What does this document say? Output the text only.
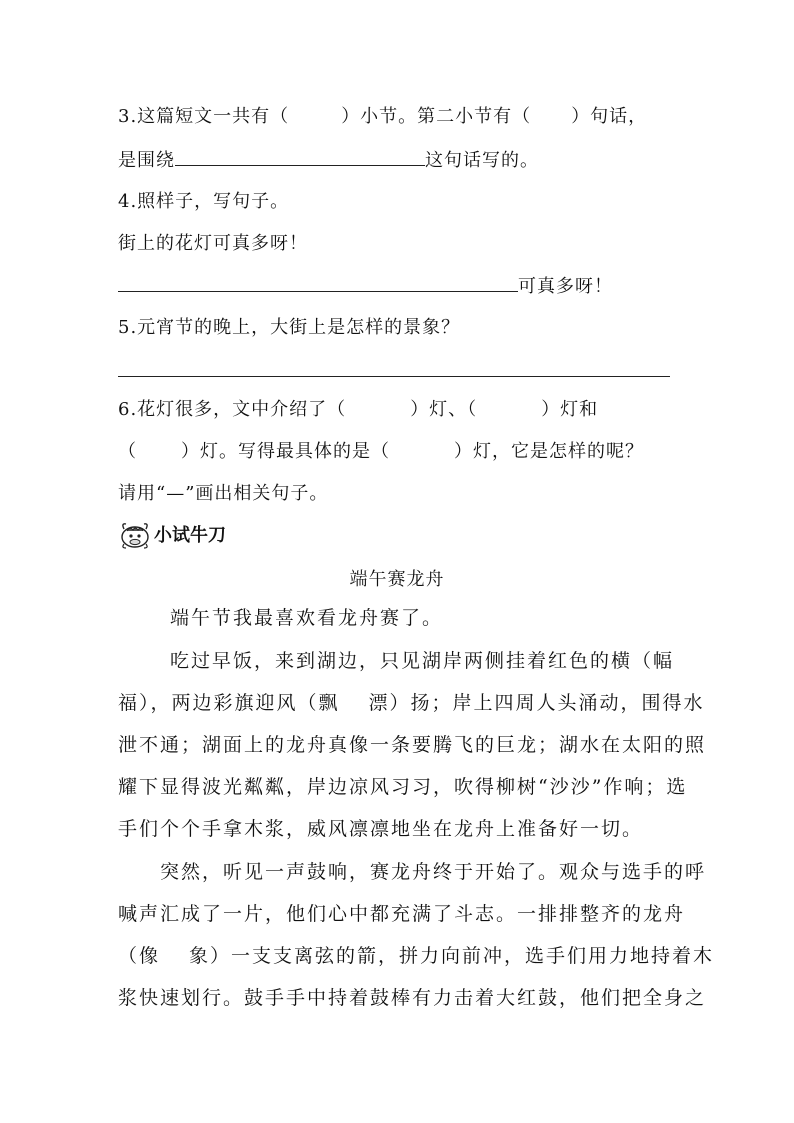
3.这篇短文一共有（	）小节。第二小节有（ ）句话，
是围绕	这句话写的。
4.照样子，写句子。
街上的花灯可真多呀！
可真多呀！
5.元宵节的晚上，大街上是怎样的景象？
6.花灯很多，文中介绍了（	）灯、（	）灯和
（ ）灯。写得最具体的是（	）灯，它是怎样的呢？
请用“—”画出相关句子。
小试牛刀
端午赛龙舟
端午节我最喜欢看龙舟赛了。
吃过早饭，来到湖边，只见湖岸两侧挂着红色的横（幅
福），两边彩旗迎风（飘　 漂）扬；岸上四周人头涌动，围得水
泄不通；湖面上的龙舟真像一条要腾飞的巨龙；湖水在太阳的照
耀下显得波光粼粼，岸边凉风习习，吹得柳树“沙沙”作响；选
手们个个手拿木浆，威风凛凛地坐在龙舟上准备好一切。
突然，听见一声鼓响，赛龙舟终于开始了。观众与选手的呼
喊声汇成了一片，他们心中都充满了斗志。一排排整齐的龙舟
（像　 象）一支支离弦的箭，拼力向前冲，选手们用力地持着木
浆快速划行。鼓手手中持着鼓棒有力击着大红鼓，他们把全身之
